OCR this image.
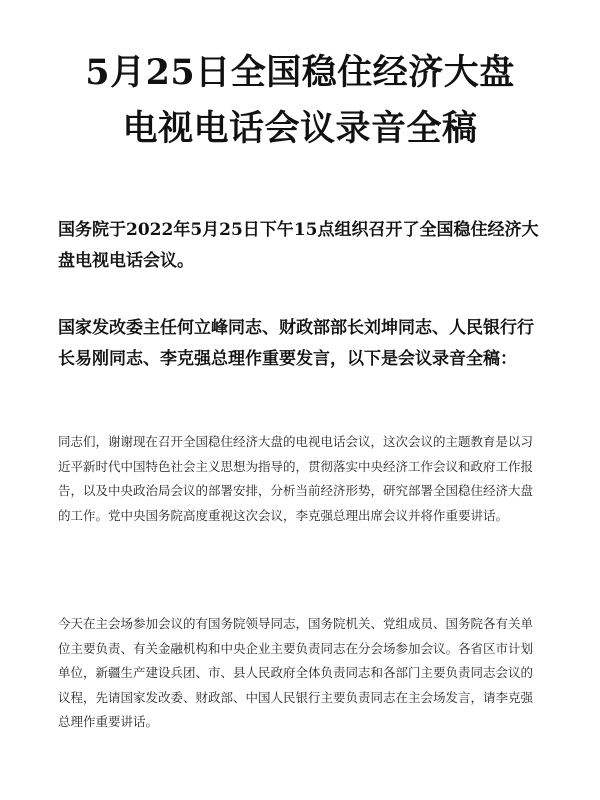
5月25日全国稳住经济大盘
电视电话会议录音全稿

国务院于2022年5月25日下午15点组织召开了全国稳住经济大盘电视电话会议。

国家发改委主任何立峰同志、财政部部长刘坤同志、人民银行行长易刚同志、李克强总理作重要发言，以下是会议录音全稿：

同志们，谢谢现在召开全国稳住经济大盘的电视电话会议，这次会议的主题教育是以习近平新时代中国特色社会主义思想为指导的，贯彻落实中央经济工作会议和政府工作报告，以及中央政治局会议的部署安排，分析当前经济形势，研究部署全国稳住经济大盘的工作。党中央国务院高度重视这次会议，李克强总理出席会议并将作重要讲话。

今天在主会场参加会议的有国务院领导同志，国务院机关、党组成员、国务院各有关单位主要负责、有关金融机构和中央企业主要负责同志在分会场参加会议。各省区市计划单位，新疆生产建设兵团、市、县人民政府全体负责同志和各部门主要负责同志会议的议程，先请国家发改委、财政部、中国人民银行主要负责同志在主会场发言，请李克强总理作重要讲话。
